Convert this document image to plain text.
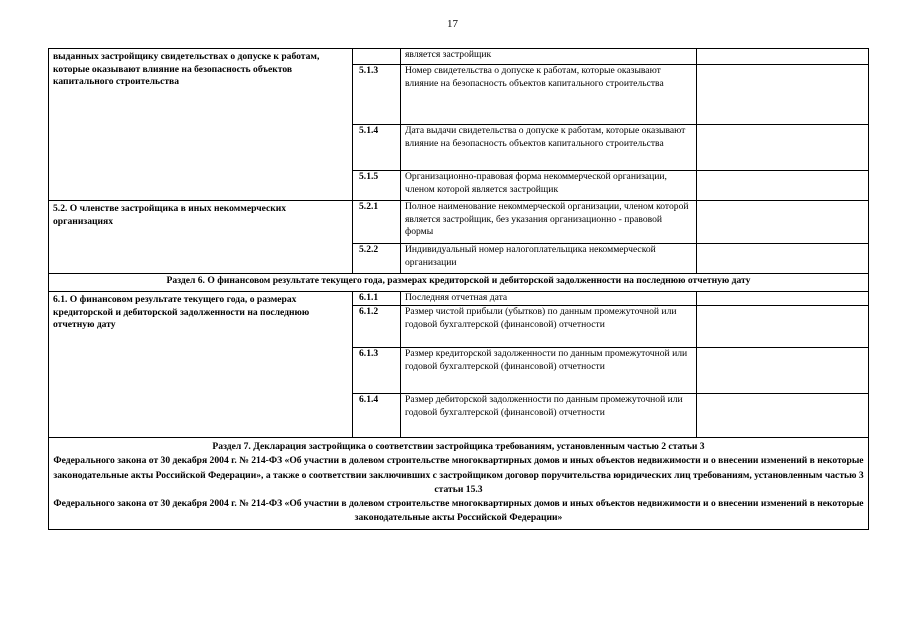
17
выданных застройщику свидетельствах о допуске к работам, которые оказывают влияние на безопасность объектов капитального строительства		является застройщик	
	5.1.3	Номер свидетельства о допуске к работам, которые оказывают влияние на безопасность объектов капитального строительства	
	5.1.4	Дата выдачи свидетельства о допуске к работам, которые оказывают влияние на безопасность объектов капитального строительства	
	5.1.5	Организационно-правовая форма некоммерческой организации, членом которой является застройщик	
5.2. О членстве застройщика в иных некоммерческих организациях	5.2.1	Полное наименование некоммерческой организации, членом которой является застройщик, без указания организационно - правовой формы	
	5.2.2	Индивидуальный номер налогоплательщика некоммерческой организации	
Раздел 6. О финансовом результате текущего года, размерах кредиторской и дебиторской задолженности на последнюю отчетную дату			
6.1. О финансовом результате текущего года, о размерах кредиторской и дебиторской задолженности на последнюю отчетную дату	6.1.1	Последняя отчетная дата	
	6.1.2	Размер чистой прибыли (убытков) по данным промежуточной или годовой бухгалтерской (финансовой) отчетности	
	6.1.3	Размер кредиторской задолженности по данным промежуточной или годовой бухгалтерской (финансовой) отчетности	
	6.1.4	Размер дебиторской задолженности по данным промежуточной или годовой бухгалтерской (финансовой) отчетности	

Раздел 7. Декларация застройщика о соответствии застройщика требованиям, установленным частью 2 статьи 3
Федерального закона от 30 декабря 2004 г. № 214-ФЗ «Об участии в долевом строительстве многоквартирных домов и иных объектов недвижимости и о внесении изменений в некоторые законодательные акты Российской Федерации», а также о соответствии заключивших с застройщиком договор поручительства юридических лиц требованиям, установленным частью 3 статьи 15.3
Федерального закона от 30 декабря 2004 г. № 214-ФЗ «Об участии в долевом строительстве многоквартирных домов и иных объектов недвижимости и о внесении изменений в некоторые законодательные акты Российской Федерации»			
